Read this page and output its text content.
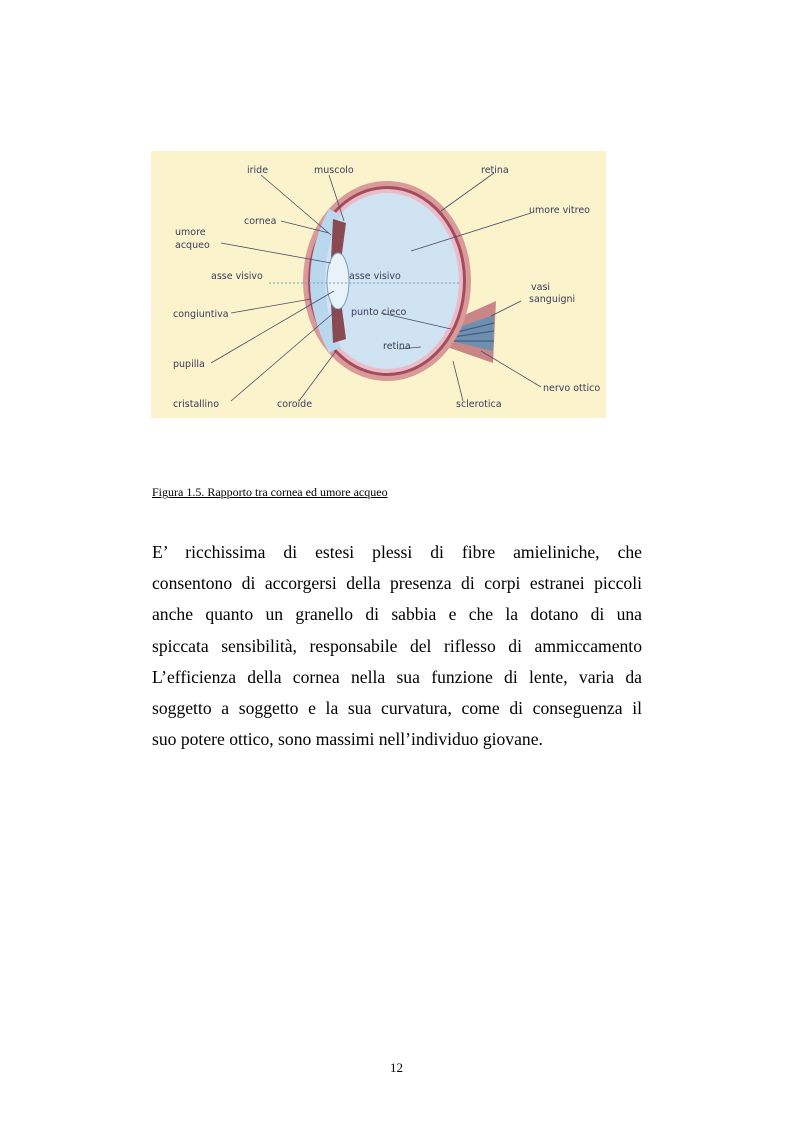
iride	muscolo	retina
cornea
umore vitreo
umore
acqueo
asse visivo	asse visivo
vasi
sanguigni
congiuntiva	punto cieco
retina
pupilla
nervo ottico
cristallino	coroide	sclerotica
Figura 1.5. Rapporto tra cornea ed umore acqueo

E’ ricchissima di estesi plessi di fibre amieliniche, che
consentono di accorgersi della presenza di corpi estranei piccoli
anche quanto un granello di sabbia e che la dotano di una
spiccata sensibilità, responsabile del riflesso di ammiccamento
L’efficienza della cornea nella sua funzione di lente, varia da
soggetto a soggetto e la sua curvatura, come di conseguenza il
suo potere ottico, sono massimi nell’individuo giovane.

12
